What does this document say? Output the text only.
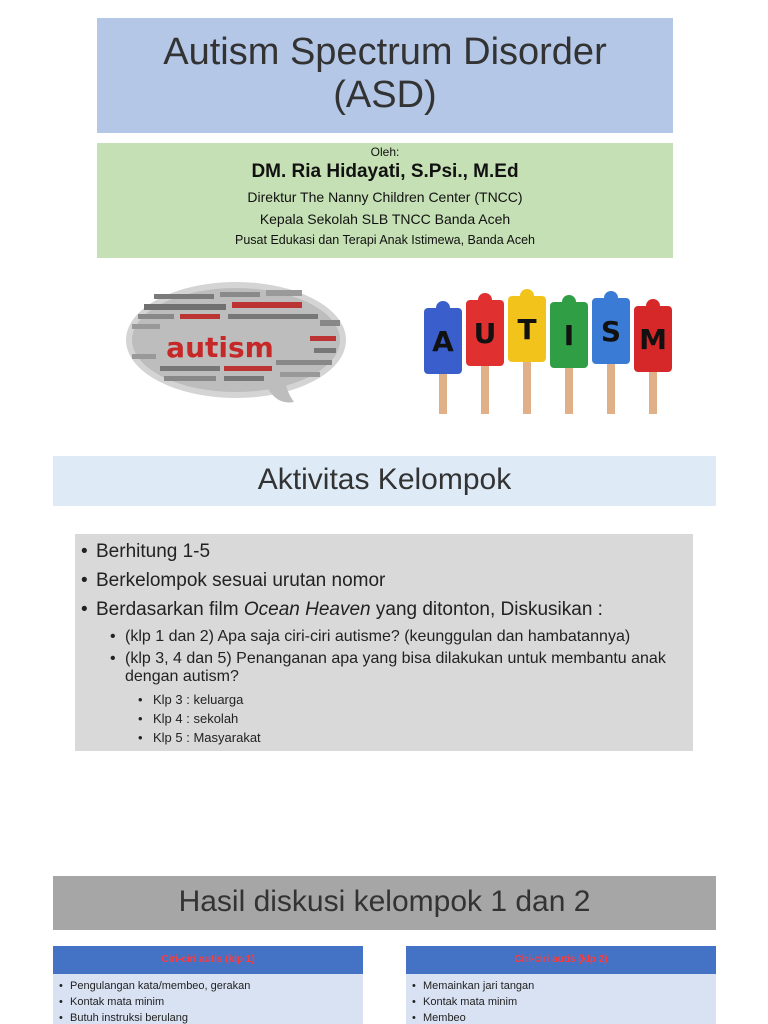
Autism Spectrum Disorder
(ASD)
Oleh:
DM. Ria Hidayati, S.Psi., M.Ed
Direktur The Nanny Children Center (TNCC)
Kepala Sekolah SLB TNCC Banda Aceh
Pusat Edukasi dan Terapi Anak Istimewa, Banda Aceh
autism	A U T I S M
Aktivitas Kelompok
• Berhitung 1-5
• Berkelompok sesuai urutan nomor
• Berdasarkan film Ocean Heaven yang ditonton, Diskusikan :
• (klp 1 dan 2) Apa saja ciri-ciri autisme? (keunggulan dan hambatannya)
• (klp 3, 4 dan 5) Penanganan apa yang bisa dilakukan untuk membantu anak dengan autism?
• Klp 3 : keluarga
• Klp 4 : sekolah
• Klp 5 : Masyarakat
Hasil diskusi kelompok 1 dan 2
Ciri-ciri autis (klp 1)
• Pengulangan kata/membeo, gerakan
• Kontak mata minim
• Butuh instruksi berulang
Ciri-ciri autis (klp 2)
• Memainkan jari tangan
• Kontak mata minim
• Membeo
